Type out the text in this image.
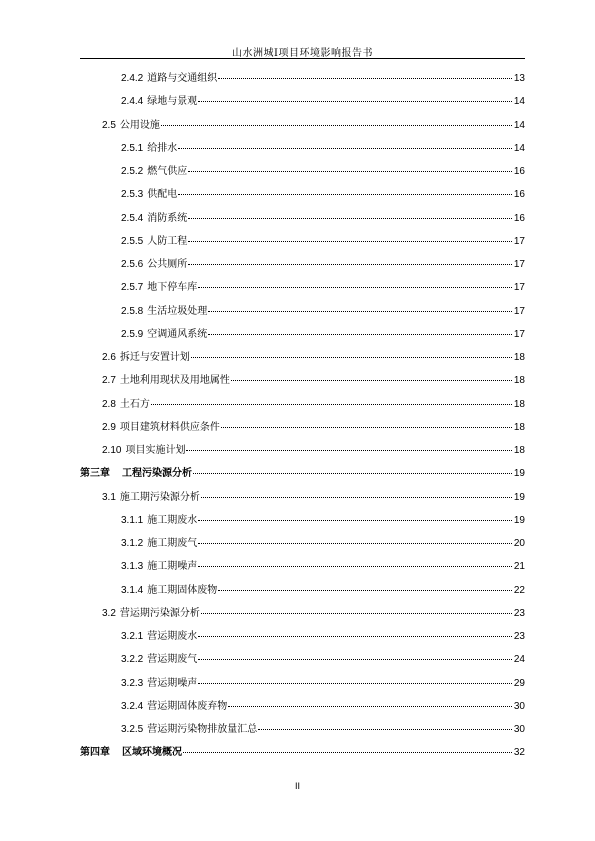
山水洲城Ⅰ项目环境影响报告书
2.4.2 道路与交通组织	13
2.4.4 绿地与景观	14
2.5 公用设施	14
2.5.1 给排水	14
2.5.2 燃气供应	16
2.5.3 供配电	16
2.5.4 消防系统	16
2.5.5 人防工程	17
2.5.6 公共厕所	17
2.5.7 地下停车库	17
2.5.8 生活垃圾处理	17
2.5.9 空调通风系统	17
2.6 拆迁与安置计划	18
2.7 土地利用现状及用地属性	18
2.8 土石方	18
2.9 项目建筑材料供应条件	18
2.10 项目实施计划	18
第三章	工程污染源分析	19
3.1 施工期污染源分析	19
3.1.1 施工期废水	19
3.1.2 施工期废气	20
3.1.3 施工期噪声	21
3.1.4 施工期固体废物	22
3.2 营运期污染源分析	23
3.2.1 营运期废水	23
3.2.2 营运期废气	24
3.2.3 营运期噪声	29
3.2.4 营运期固体废弃物	30
3.2.5 营运期污染物排放量汇总	30
第四章	区域环境概况	32
II
